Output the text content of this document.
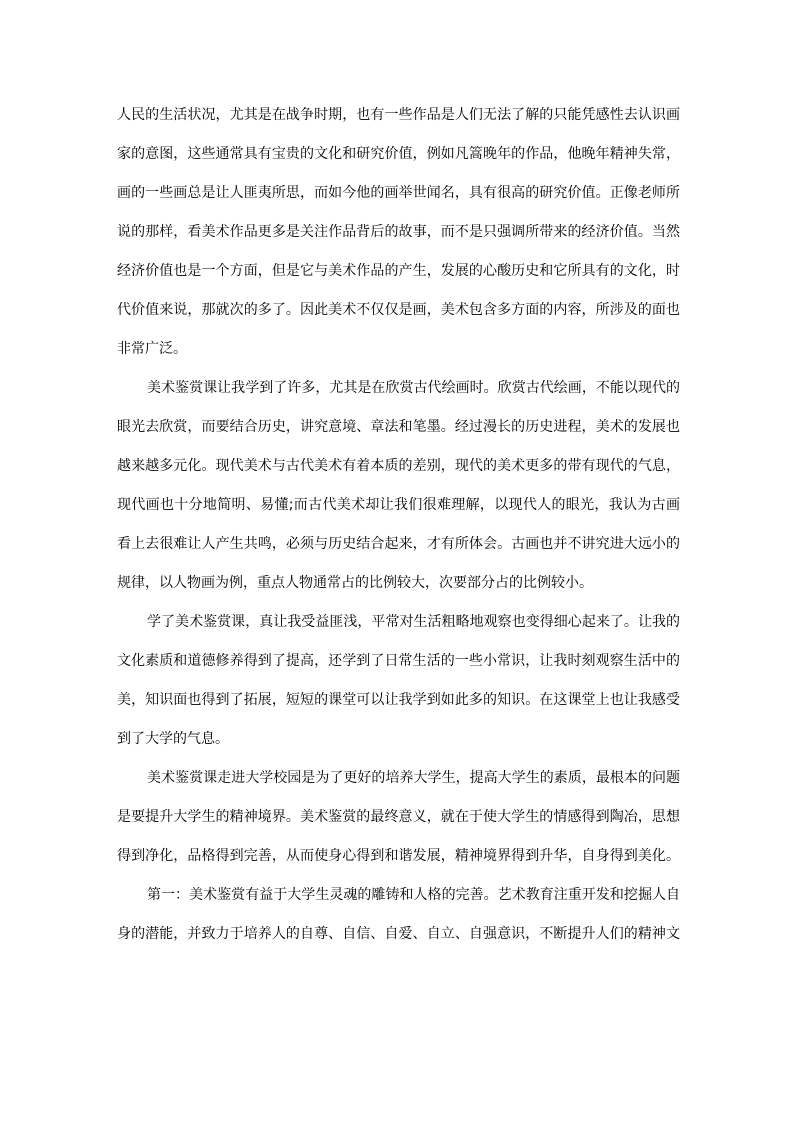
人民的生活状况，尤其是在战争时期，也有一些作品是人们无法了解的只能凭感性去认识画
家的意图，这些通常具有宝贵的文化和研究价值，例如凡篙晚年的作品，他晚年精神失常，
画的一些画总是让人匪夷所思，而如今他的画举世闻名，具有很高的研究价值。正像老师所
说的那样，看美术作品更多是关注作品背后的故事，而不是只强调所带来的经济价值。当然
经济价值也是一个方面，但是它与美术作品的产生，发展的心酸历史和它所具有的文化，时
代价值来说，那就次的多了。因此美术不仅仅是画，美术包含多方面的内容，所涉及的面也
非常广泛。
美术鉴赏课让我学到了许多，尤其是在欣赏古代绘画时。欣赏古代绘画，不能以现代的
眼光去欣赏，而要结合历史，讲究意境、章法和笔墨。经过漫长的历史进程，美术的发展也
越来越多元化。现代美术与古代美术有着本质的差别，现代的美术更多的带有现代的气息，
现代画也十分地简明、易懂;而古代美术却让我们很难理解，以现代人的眼光，我认为古画
看上去很难让人产生共鸣，必须与历史结合起来，才有所体会。古画也并不讲究进大远小的
规律，以人物画为例，重点人物通常占的比例较大，次要部分占的比例较小。
学了美术鉴赏课，真让我受益匪浅，平常对生活粗略地观察也变得细心起来了。让我的
文化素质和道德修养得到了提高，还学到了日常生活的一些小常识，让我时刻观察生活中的
美，知识面也得到了拓展，短短的课堂可以让我学到如此多的知识。在这课堂上也让我感受
到了大学的气息。
美术鉴赏课走进大学校园是为了更好的培养大学生，提高大学生的素质，最根本的问题
是要提升大学生的精神境界。美术鉴赏的最终意义，就在于使大学生的情感得到陶冶，思想
得到净化，品格得到完善，从而使身心得到和谐发展，精神境界得到升华，自身得到美化。
第一：美术鉴赏有益于大学生灵魂的雕铸和人格的完善。艺术教育注重开发和挖掘人自
身的潜能，并致力于培养人的自尊、自信、自爱、自立、自强意识，不断提升人们的精神文
